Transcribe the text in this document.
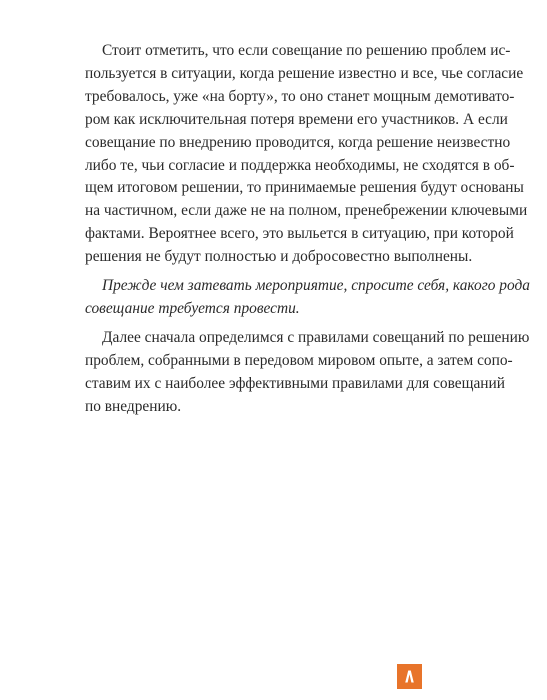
Стоит отметить, что если совещание по решению проблем ис-
пользуется в ситуации, когда решение известно и все, чье согласие
требовалось, уже «на борту», то оно станет мощным демотивато-
ром как исключительная потеря времени его участников. А если
совещание по внедрению проводится, когда решение неизвестно
либо те, чьи согласие и поддержка необходимы, не сходятся в об-
щем итоговом решении, то принимаемые решения будут основаны
на частичном, если даже не на полном, пренебрежении ключевыми
фактами. Вероятнее всего, это выльется в ситуацию, при которой
решения не будут полностью и добросовестно выполнены.
Прежде чем затевать мероприятие, спросите себя, какого рода
совещание требуется провести.
Далее сначала определимся с правилами совещаний по решению
проблем, собранными в передовом мировом опыте, а затем сопо-
ставим их с наиболее эффективными правилами для совещаний
по внедрению.
